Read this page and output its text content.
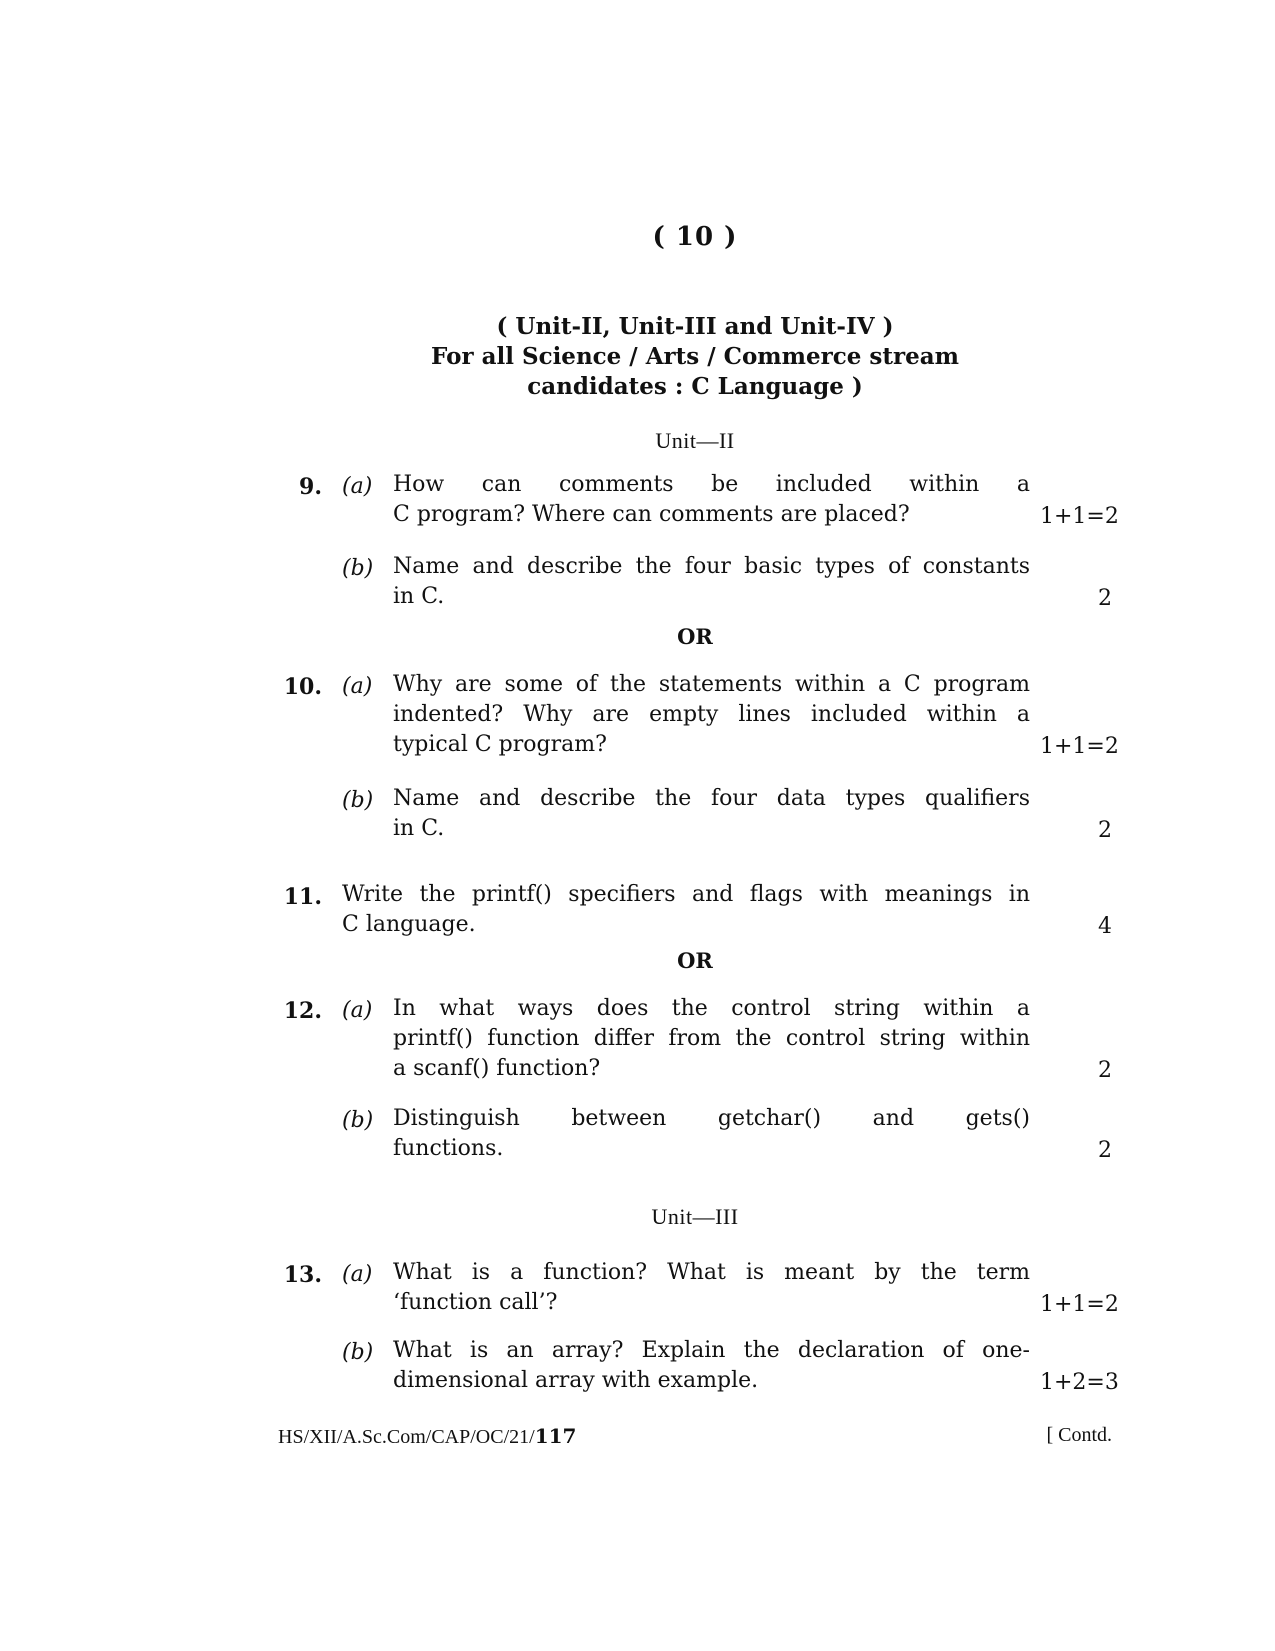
( 10 )
( Unit-II, Unit-III and Unit-IV )
For all Science / Arts / Commerce stream
candidates : C Language )
Unit—II
9. (a) How can comments be included within a
C program? Where can comments are placed?	1+1=2
(b) Name and describe the four basic types of constants
in C.	2
OR
10. (a) Why are some of the statements within a C program
indented? Why are empty lines included within a
typical C program?	1+1=2
(b) Name and describe the four data types qualifiers
in C.	2
11. Write the printf() specifiers and flags with meanings in
C language.	4
OR
12. (a) In what ways does the control string within a
printf() function differ from the control string within
a scanf() function?	2
(b) Distinguish between getchar() and gets()
functions.	2
Unit—III
13. (a) What is a function? What is meant by the term
‘function call’?	1+1=2
(b) What is an array? Explain the declaration of one-
dimensional array with example.	1+2=3
HS/XII/A.Sc.Com/CAP/OC/21/117	[ Contd.
